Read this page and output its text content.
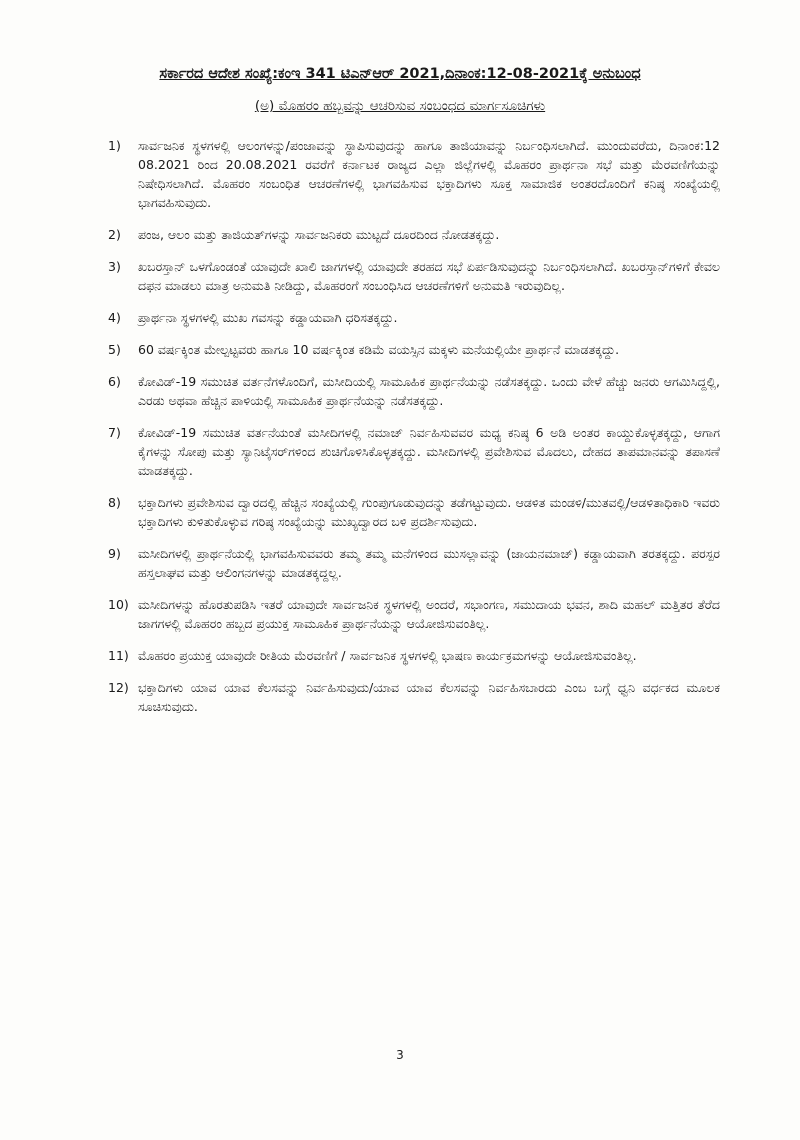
ಸರ್ಕಾರದ ಆದೇಶ ಸಂಖ್ಯೆ:ಕಂಇ 341 ಟಿಎನ್‌ಆರ್ 2021,ದಿನಾಂಕ:12-08-2021ಕ್ಕೆ ಅನುಬಂಧ
(ಅ) ಮೊಹರಂ ಹಬ್ಬವನ್ನು ಆಚರಿಸುವ ಸಂಬಂಧದ ಮಾರ್ಗಸೂಚಿಗಳು
1)	ಸಾರ್ವಜನಿಕ ಸ್ಥಳಗಳಲ್ಲಿ ಆಲಂಗಳನ್ನು/ಪಂಜಾವನ್ನು ಸ್ಥಾಪಿಸುವುದನ್ನು ಹಾಗೂ ತಾಜಿಯಾವನ್ನು ನಿರ್ಬಂಧಿಸಲಾಗಿದೆ. ಮುಂದುವರೆದು, ದಿನಾಂಕ:12 08.2021 ರಿಂದ 20.08.2021 ರವರೆಗೆ ಕರ್ನಾಟಕ ರಾಜ್ಯದ ಎಲ್ಲಾ ಜಿಲ್ಲೆಗಳಲ್ಲಿ ಮೊಹರಂ ಪ್ರಾರ್ಥನಾ ಸಭೆ ಮತ್ತು ಮೆರವಣಿಗೆಯನ್ನು ನಿಷೇಧಿಸಲಾಗಿದೆ. ಮೊಹರಂ ಸಂಬಂಧಿತ ಆಚರಣೆಗಳಲ್ಲಿ ಭಾಗವಹಿಸುವ ಭಕ್ತಾದಿಗಳು ಸೂಕ್ತ ಸಾಮಾಜಿಕ ಅಂತರದೊಂದಿಗೆ ಕನಿಷ್ಠ ಸಂಖ್ಯೆಯಲ್ಲಿ ಭಾಗವಹಿಸುವುದು.
2)	ಪಂಜ, ಆಲಂ ಮತ್ತು ತಾಜಿಯತ್‌ಗಳನ್ನು ಸಾರ್ವಜನಿಕರು ಮುಟ್ಟದೆ ದೂರದಿಂದ ನೋಡತಕ್ಕದ್ದು.
3)	ಖಬರಸ್ತಾನ್ ಒಳಗೊಂಡಂತೆ ಯಾವುದೇ ಖಾಲಿ ಜಾಗಗಳಲ್ಲಿ ಯಾವುದೇ ತರಹದ ಸಭೆ ಏರ್ಪಡಿಸುವುದನ್ನು ನಿರ್ಬಂಧಿಸಲಾಗಿದೆ. ಖಬರಸ್ತಾನ್‌ಗಳಿಗೆ ಕೇವಲ ದಫನ ಮಾಡಲು ಮಾತ್ರ ಅನುಮತಿ ನೀಡಿದ್ದು, ಮೊಹರಂಗೆ ಸಂಬಂಧಿಸಿದ ಆಚರಣೆಗಳಿಗೆ ಅನುಮತಿ ಇರುವುದಿಲ್ಲ.
4)	ಪ್ರಾರ್ಥನಾ ಸ್ಥಳಗಳಲ್ಲಿ ಮುಖ ಗವಸನ್ನು ಕಡ್ಡಾಯವಾಗಿ ಧರಿಸತಕ್ಕದ್ದು.
5)	60 ವರ್ಷಕ್ಕಿಂತ ಮೇಲ್ಪಟ್ಟವರು ಹಾಗೂ 10 ವರ್ಷಕ್ಕಿಂತ ಕಡಿಮೆ ವಯಸ್ಸಿನ ಮಕ್ಕಳು ಮನೆಯಲ್ಲಿಯೇ ಪ್ರಾರ್ಥನೆ ಮಾಡತಕ್ಕದ್ದು.
6)	ಕೋವಿಡ್-19 ಸಮುಚಿತ ವರ್ತನೆಗಳೊಂದಿಗೆ, ಮಸೀದಿಯಲ್ಲಿ ಸಾಮೂಹಿಕ ಪ್ರಾರ್ಥನೆಯನ್ನು ನಡೆಸತಕ್ಕದ್ದು. ಒಂದು ವೇಳೆ ಹೆಚ್ಚು ಜನರು ಆಗಮಿಸಿದ್ದಲ್ಲಿ, ಎರಡು ಅಥವಾ ಹೆಚ್ಚಿನ ಪಾಳಿಯಲ್ಲಿ ಸಾಮೂಹಿಕ ಪ್ರಾರ್ಥನೆಯನ್ನು ನಡೆಸತಕ್ಕದ್ದು.
7)	ಕೋವಿಡ್-19 ಸಮುಚಿತ ವರ್ತನೆಯಂತೆ ಮಸೀದಿಗಳಲ್ಲಿ ನಮಾಜ್ ನಿರ್ವಹಿಸುವವರ ಮಧ್ಯ ಕನಿಷ್ಠ 6 ಅಡಿ ಅಂತರ ಕಾಯ್ದುಕೊಳ್ಳತಕ್ಕದ್ದು, ಆಗಾಗ ಕೈಗಳನ್ನು ಸೋಪು ಮತ್ತು ಸ್ಯಾನಿಟೈಸರ್‌ಗಳಿಂದ ಶುಚಿಗೊಳಿಸಿಕೊಳ್ಳತಕ್ಕದ್ದು. ಮಸೀದಿಗಳಲ್ಲಿ ಪ್ರವೇಶಿಸುವ ಮೊದಲು, ದೇಹದ ತಾಪಮಾನವನ್ನು ತಪಾಸಣೆ ಮಾಡತಕ್ಕದ್ದು.
8)	ಭಕ್ತಾದಿಗಳು ಪ್ರವೇಶಿಸುವ ದ್ವಾರದಲ್ಲಿ ಹೆಚ್ಚಿನ ಸಂಖ್ಯೆಯಲ್ಲಿ ಗುಂಪುಗೂಡುವುದನ್ನು ತಡೆಗಟ್ಟುವುದು. ಆಡಳಿತ ಮಂಡಳಿ/ಮುತವಲ್ಲಿ/ಆಡಳಿತಾಧಿಕಾರಿ ಇವರು ಭಕ್ತಾದಿಗಳು ಕುಳಿತುಕೊಳ್ಳುವ ಗರಿಷ್ಠ ಸಂಖ್ಯೆಯನ್ನು ಮುಖ್ಯದ್ವಾರದ ಬಳಿ ಪ್ರದರ್ಶಿಸುವುದು.
9)	ಮಸೀದಿಗಳಲ್ಲಿ ಪ್ರಾರ್ಥನೆಯಲ್ಲಿ ಭಾಗವಹಿಸುವವರು ತಮ್ಮ ತಮ್ಮ ಮನೆಗಳಿಂದ ಮುಸಲ್ಲಾವನ್ನು (ಜಾಯನಮಾಜ್) ಕಡ್ಡಾಯವಾಗಿ ತರತಕ್ಕದ್ದು. ಪರಸ್ಪರ ಹಸ್ತಲಾಘವ ಮತ್ತು ಆಲಿಂಗನಗಳನ್ನು ಮಾಡತಕ್ಕದ್ದಲ್ಲ.
10) ಮಸೀದಿಗಳನ್ನು ಹೊರತುಪಡಿಸಿ ಇತರೆ ಯಾವುದೇ ಸಾರ್ವಜನಿಕ ಸ್ಥಳಗಳಲ್ಲಿ ಅಂದರೆ, ಸಭಾಂಗಣ, ಸಮುದಾಯ ಭವನ, ಶಾದಿ ಮಹಲ್ ಮತ್ತಿತರ ತೆರೆದ ಜಾಗಗಳಲ್ಲಿ ಮೊಹರಂ ಹಬ್ಬದ ಪ್ರಯುಕ್ತ ಸಾಮೂಹಿಕ ಪ್ರಾರ್ಥನೆಯನ್ನು ಆಯೋಜಿಸುವಂತಿಲ್ಲ.
11) ಮೊಹರಂ ಪ್ರಯುಕ್ತ ಯಾವುದೇ ರೀತಿಯ ಮೆರವಣಿಗೆ / ಸಾರ್ವಜನಿಕ ಸ್ಥಳಗಳಲ್ಲಿ ಭಾಷಣ ಕಾರ್ಯಕ್ರಮಗಳನ್ನು ಆಯೋಜಿಸುವಂತಿಲ್ಲ.
12) ಭಕ್ತಾದಿಗಳು ಯಾವ ಯಾವ ಕೆಲಸವನ್ನು ನಿರ್ವಹಿಸುವುದು/ಯಾವ ಯಾವ ಕೆಲಸವನ್ನು ನಿರ್ವಹಿಸಬಾರದು ಎಂಬ ಬಗ್ಗೆ ಧ್ವನಿ ವರ್ಧಕದ ಮೂಲಕ ಸೂಚಿಸುವುದು.
3
